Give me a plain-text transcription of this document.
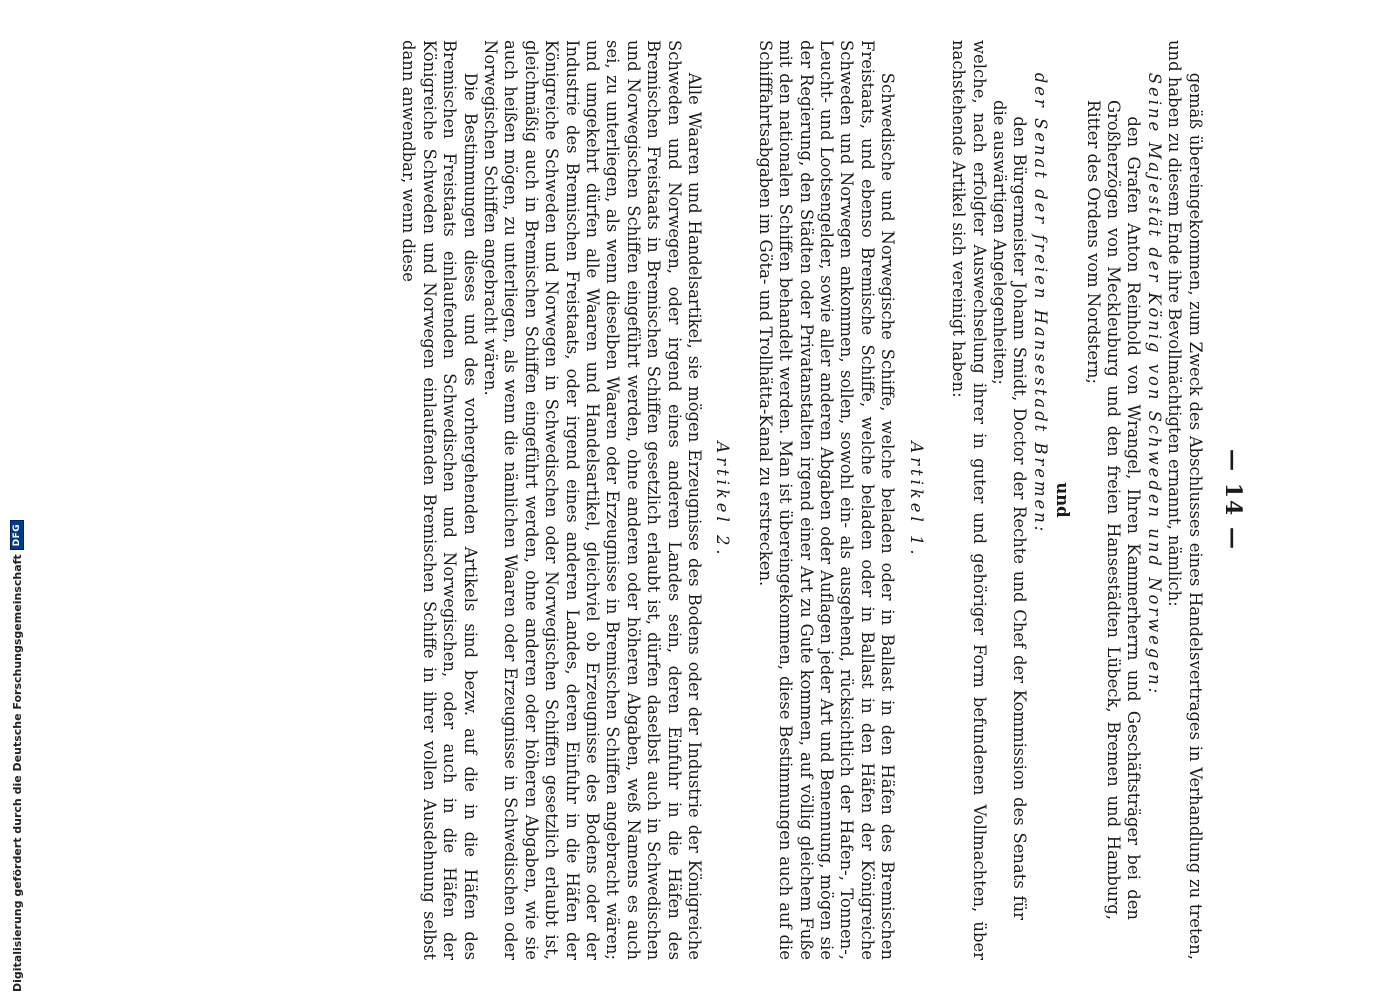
— 14 —

gemäß übereingekommen, zum Zweck des Abschlusses eines Handelsvertrages in Verhandlung zu treten, und haben zu diesem Ende ihre Bevollmächtigten ernannt, nämlich:

Seine Majestät der König von Schweden und Norwegen:

den Grafen Anton Reinhold von Wrangel, Ihren Kammerherrn und Geschäftsträger bei den Großherzögen von Meckleuburg und den freien Hansestädten Lübeck, Bremen und Hamburg, Ritter des Ordens vom Nordstern;

und

der Senat der freien Hansestadt Bremen:

den Bürgermeister Johann Smidt, Doctor der Rechte und Chef der Kommission des Senats für die auswärtigen Angelegenheiten;

welche, nach erfolgter Auswechselung ihrer in guter und gehöriger Form befundenen Vollmachten, über nachstehende Artikel sich vereinigt haben:

Artikel 1.

Schwedische und Norwegische Schiffe, welche beladen oder in Ballast in den Häfen des Bremischen Freistaats, und ebenso Bremische Schiffe, welche beladen oder in Ballast in den Häfen der Königreiche Schweden und Norwegen ankommen, sollen, sowohl ein- als ausgehend, rücksichtlich der Hafen-, Tonnen-, Leucht- und Lootsengelder, sowie aller anderen Abgaben oder Auflagen jeder Art und Benennung, mögen sie der Regierung, den Städten oder Privatanstalten irgend einer Art zu Gute kommen, auf völlig gleichem Fuße mit den nationalen Schiffen behandelt werden. Man ist übereingekommen, diese Bestimmungen auch auf die Schifffahrtsabgaben im Göta- und Trollhätta-Kanal zu erstrecken.

Artikel 2.

Alle Waaren und Handelsartikel, sie mögen Erzeugnisse des Bodens oder der Industrie der Königreiche Schweden und Norwegen, oder irgend eines anderen Landes sein, deren Einfuhr in die Häfen des Bremischen Freistaats in Bremischen Schiffen gesetzlich erlaubt ist, dürfen daselbst auch in Schwedischen und Norwegischen Schiffen eingeführt werden, ohne anderen oder höheren Abgaben, weß Namens es auch sei, zu unterliegen, als wenn dieselben Waaren oder Erzeugnisse in Bremischen Schiffen angebracht wären; und umgekehrt dürfen alle Waaren und Handelsartikel, gleichviel ob Erzeugnisse des Bodens oder der Industrie des Bremischen Freistaats, oder irgend eines anderen Landes, deren Einfuhr in die Häfen der Königreiche Schweden und Norwegen in Schwedischen oder Norwegischen Schiffen gesetzlich erlaubt ist, gleichmäßig auch in Bremischen Schiffen eingeführt werden, ohne anderen oder höheren Abgaben, wie sie auch heißen mögen, zu unterliegen, als wenn die nämlichen Waaren oder Erzeugnisse in Schwedischen oder Norwegischen Schiffen angebracht wären.

Die Bestimmungen dieses und des vorhergehenden Artikels sind bezw. auf die in die Häfen des Bremischen Freistaats einlaufenden Schwedischen und Norwegischen, oder auch in die Häfen der Königreiche Schweden und Norwegen einlaufenden Bremischen Schiffe in ihrer vollen Ausdehnung selbst dann anwendbar, wenn diese

Digitalisierung gefördert durch die Deutsche Forschungsgemeinschaft
DFG
